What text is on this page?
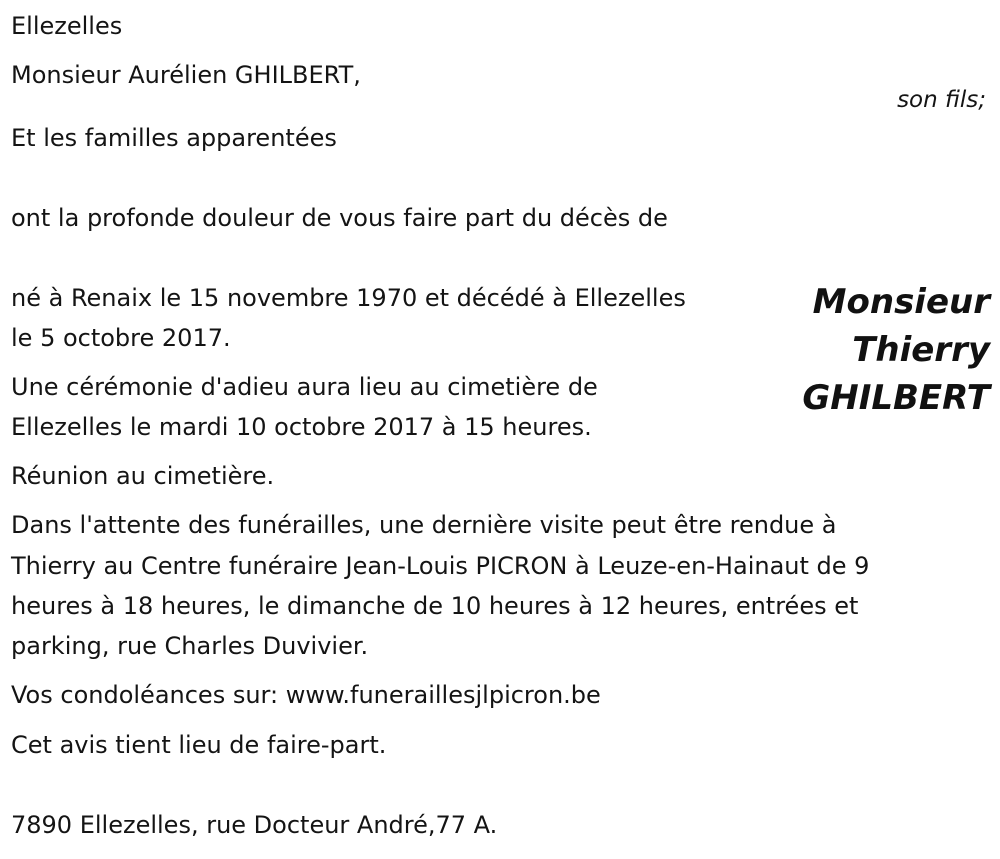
Ellezelles

Monsieur Aurélien GHILBERT,

son fils;

Et les familles apparentées

ont la profonde douleur de vous faire part du décès de

Monsieur
Thierry
GHILBERT

né à Renaix le 15 novembre 1970 et décédé à Ellezelles

le 5 octobre 2017.

Une cérémonie d'adieu aura lieu au cimetière de

Ellezelles le mardi 10 octobre 2017 à 15 heures.

Réunion au cimetière.

Dans l'attente des funérailles, une dernière visite peut être rendue à

Thierry au Centre funéraire Jean-Louis PICRON à Leuze-en-Hainaut de 9

heures à 18 heures, le dimanche de 10 heures à 12 heures, entrées et

parking, rue Charles Duvivier.

Vos condoléances sur: www.funeraillesjlpicron.be

Cet avis tient lieu de faire-part.

7890 Ellezelles, rue Docteur André,77 A.
